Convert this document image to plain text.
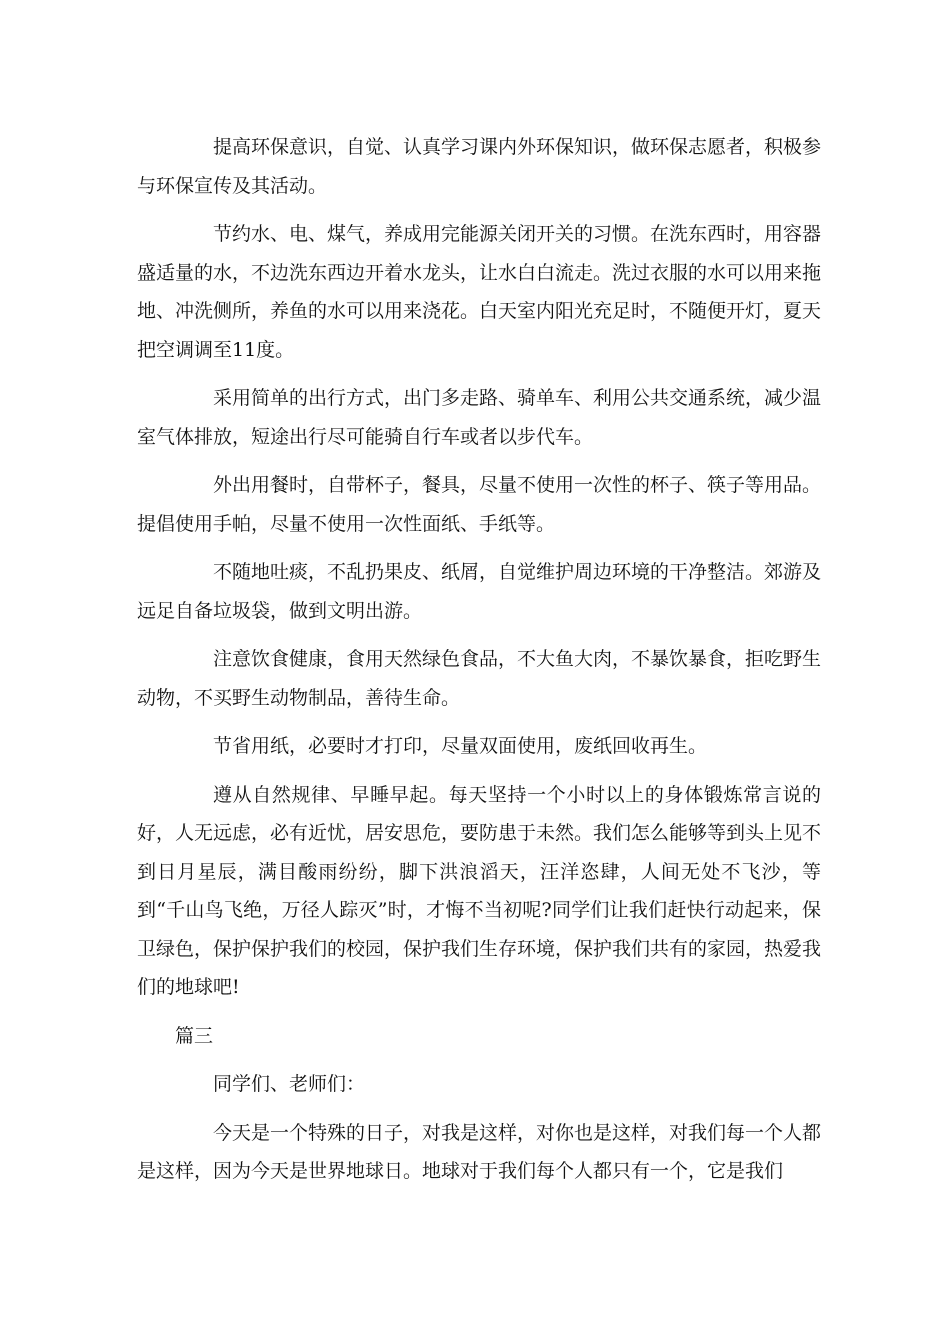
提高环保意识，自觉、认真学习课内外环保知识，做环保志愿者，积极参与环保宣传及其活动。

节约水、电、煤气，养成用完能源关闭开关的习惯。在洗东西时，用容器盛适量的水，不边洗东西边开着水龙头，让水白白流走。洗过衣服的水可以用来拖地、冲洗侧所，养鱼的水可以用来浇花。白天室内阳光充足时，不随便开灯，夏天把空调调至11度。

采用简单的出行方式，出门多走路、骑单车、利用公共交通系统，减少温室气体排放，短途出行尽可能骑自行车或者以步代车。

外出用餐时，自带杯子，餐具，尽量不使用一次性的杯子、筷子等用品。提倡使用手帕，尽量不使用一次性面纸、手纸等。

不随地吐痰，不乱扔果皮、纸屑，自觉维护周边环境的干净整洁。郊游及远足自备垃圾袋，做到文明出游。

注意饮食健康，食用天然绿色食品，不大鱼大肉，不暴饮暴食，拒吃野生动物，不买野生动物制品，善待生命。

节省用纸，必要时才打印，尽量双面使用，废纸回收再生。

遵从自然规律、早睡早起。每天坚持一个小时以上的身体锻炼常言说的好，人无远虑，必有近忧，居安思危，要防患于未然。我们怎么能够等到头上见不到日月星辰，满目酸雨纷纷，脚下洪浪滔天，汪洋恣肆，人间无处不飞沙，等到“千山鸟飞绝，万径人踪灭”时，才悔不当初呢?同学们让我们赶快行动起来，保卫绿色，保护保护我们的校园，保护我们生存环境，保护我们共有的家园，热爱我们的地球吧!

篇三

同学们、老师们：

今天是一个特殊的日子，对我是这样，对你也是这样，对我们每一个人都是这样，因为今天是世界地球日。地球对于我们每个人都只有一个，它是我们
